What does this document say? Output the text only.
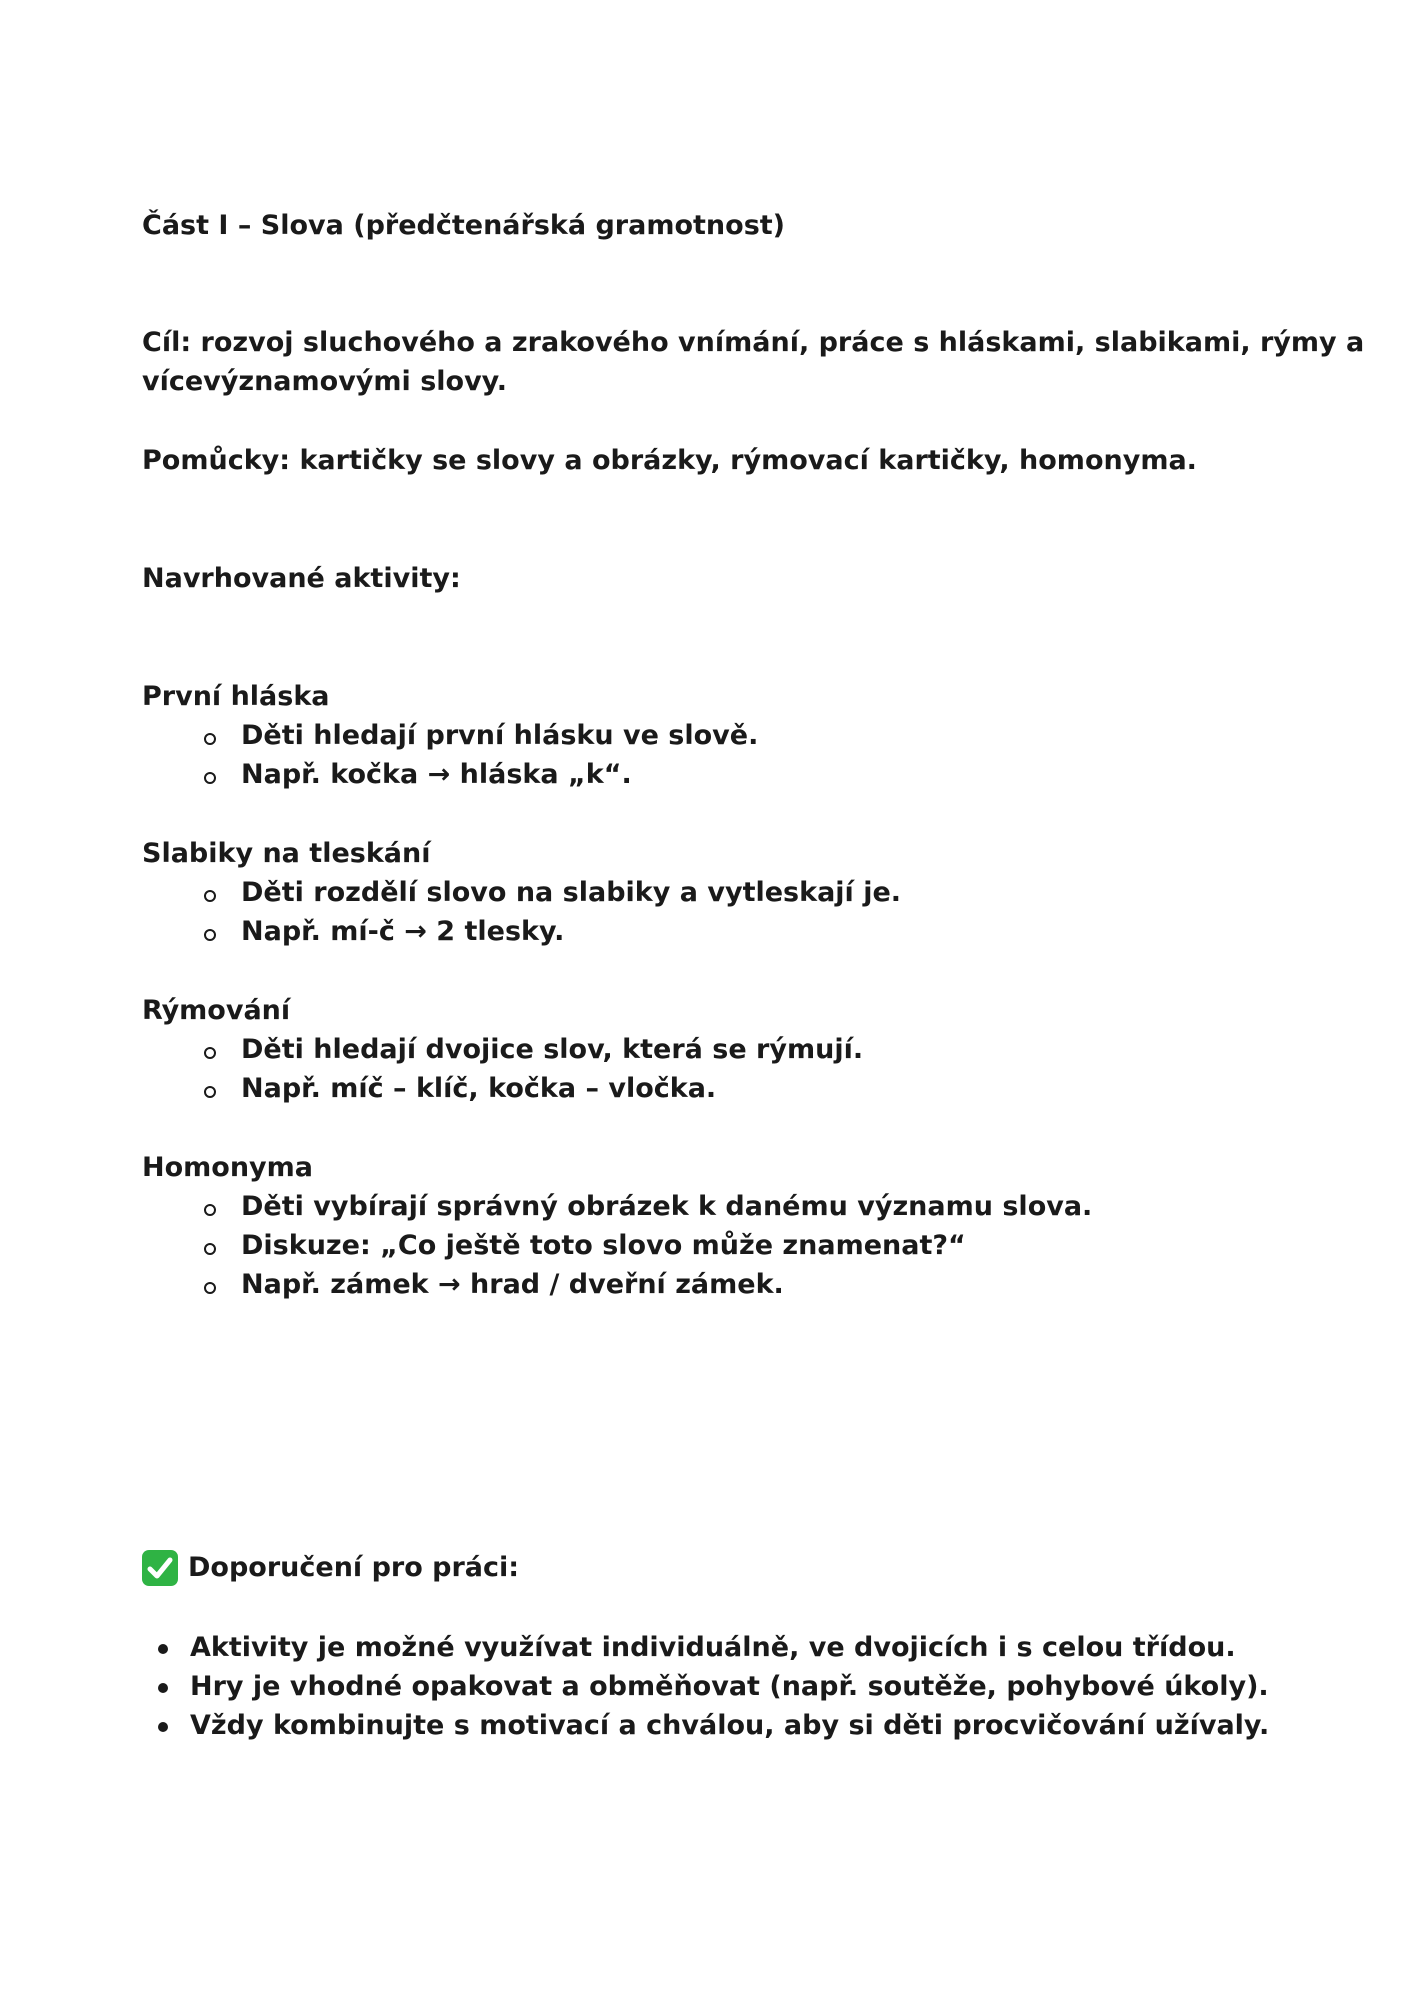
Část I – Slova (předčtenářská gramotnost)
Cíl: rozvoj sluchového a zrakového vnímání, práce s hláskami, slabikami, rýmy a
vícevýznamovými slovy.
Pomůcky: kartičky se slovy a obrázky, rýmovací kartičky, homonyma.
Navrhované aktivity:
První hláska
Děti hledají první hlásku ve slově.
Např. kočka → hláska „k“.
Slabiky na tleskání
Děti rozdělí slovo na slabiky a vytleskají je.
Např. mí-č → 2 tlesky.
Rýmování
Děti hledají dvojice slov, která se rýmují.
Např. míč – klíč, kočka – vločka.
Homonyma
Děti vybírají správný obrázek k danému významu slova.
Diskuze: „Co ještě toto slovo může znamenat?“
Např. zámek → hrad / dveřní zámek.
Doporučení pro práci:
Aktivity je možné využívat individuálně, ve dvojicích i s celou třídou.
Hry je vhodné opakovat a obměňovat (např. soutěže, pohybové úkoly).
Vždy kombinujte s motivací a chválou, aby si děti procvičování užívaly.
